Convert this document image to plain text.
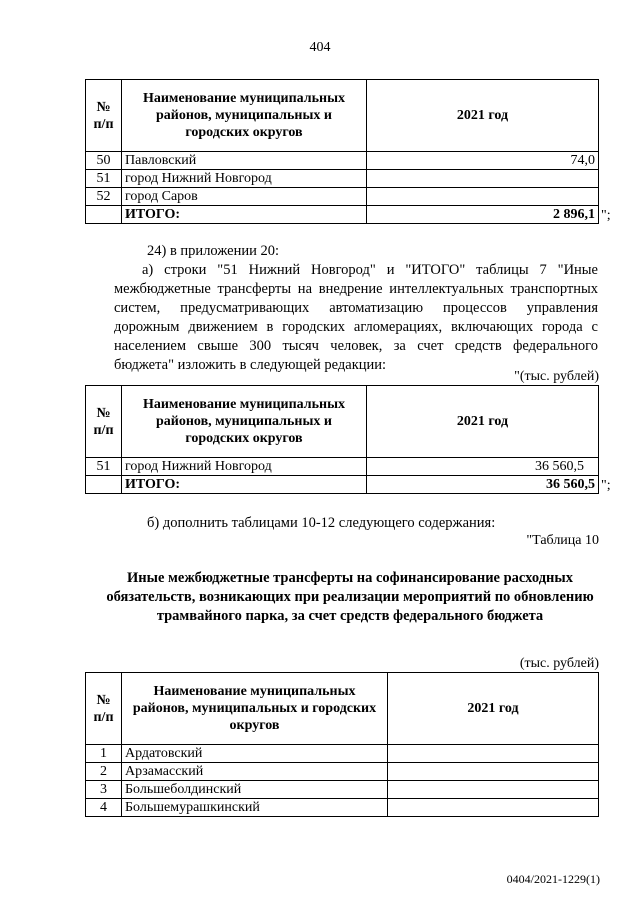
404
№ п/п	Наименование муниципальных районов, муниципальных и городских округов	2021 год
50	Павловский	74,0
51	город Нижний Новгород	
52	город Саров	
	ИТОГО:	2 896,1 ";
24) в приложении 20:
а) строки "51 Нижний Новгород" и "ИТОГО" таблицы 7 "Иные межбюджетные трансферты на внедрение интеллектуальных транспортных систем, предусматривающих автоматизацию процессов управления дорожным движением в городских агломерациях, включающих города с населением свыше 300 тысяч человек, за счет средств федерального бюджета" изложить в следующей редакции:
"(тыс. рублей)
№ п/п	Наименование муниципальных районов, муниципальных и городских округов	2021 год
51	город Нижний Новгород	36 560,5
	ИТОГО:	36 560,5 ";
б) дополнить таблицами 10-12 следующего содержания:
"Таблица 10
Иные межбюджетные трансферты на софинансирование расходных обязательств, возникающих при реализации мероприятий по обновлению трамвайного парка, за счет средств федерального бюджета
(тыс. рублей)
№ п/п	Наименование муниципальных районов, муниципальных и городских округов	2021 год
1	Ардатовский	
2	Арзамасский	
3	Большеболдинский	
4	Большемурашкинский	
0404/2021-1229(1)
